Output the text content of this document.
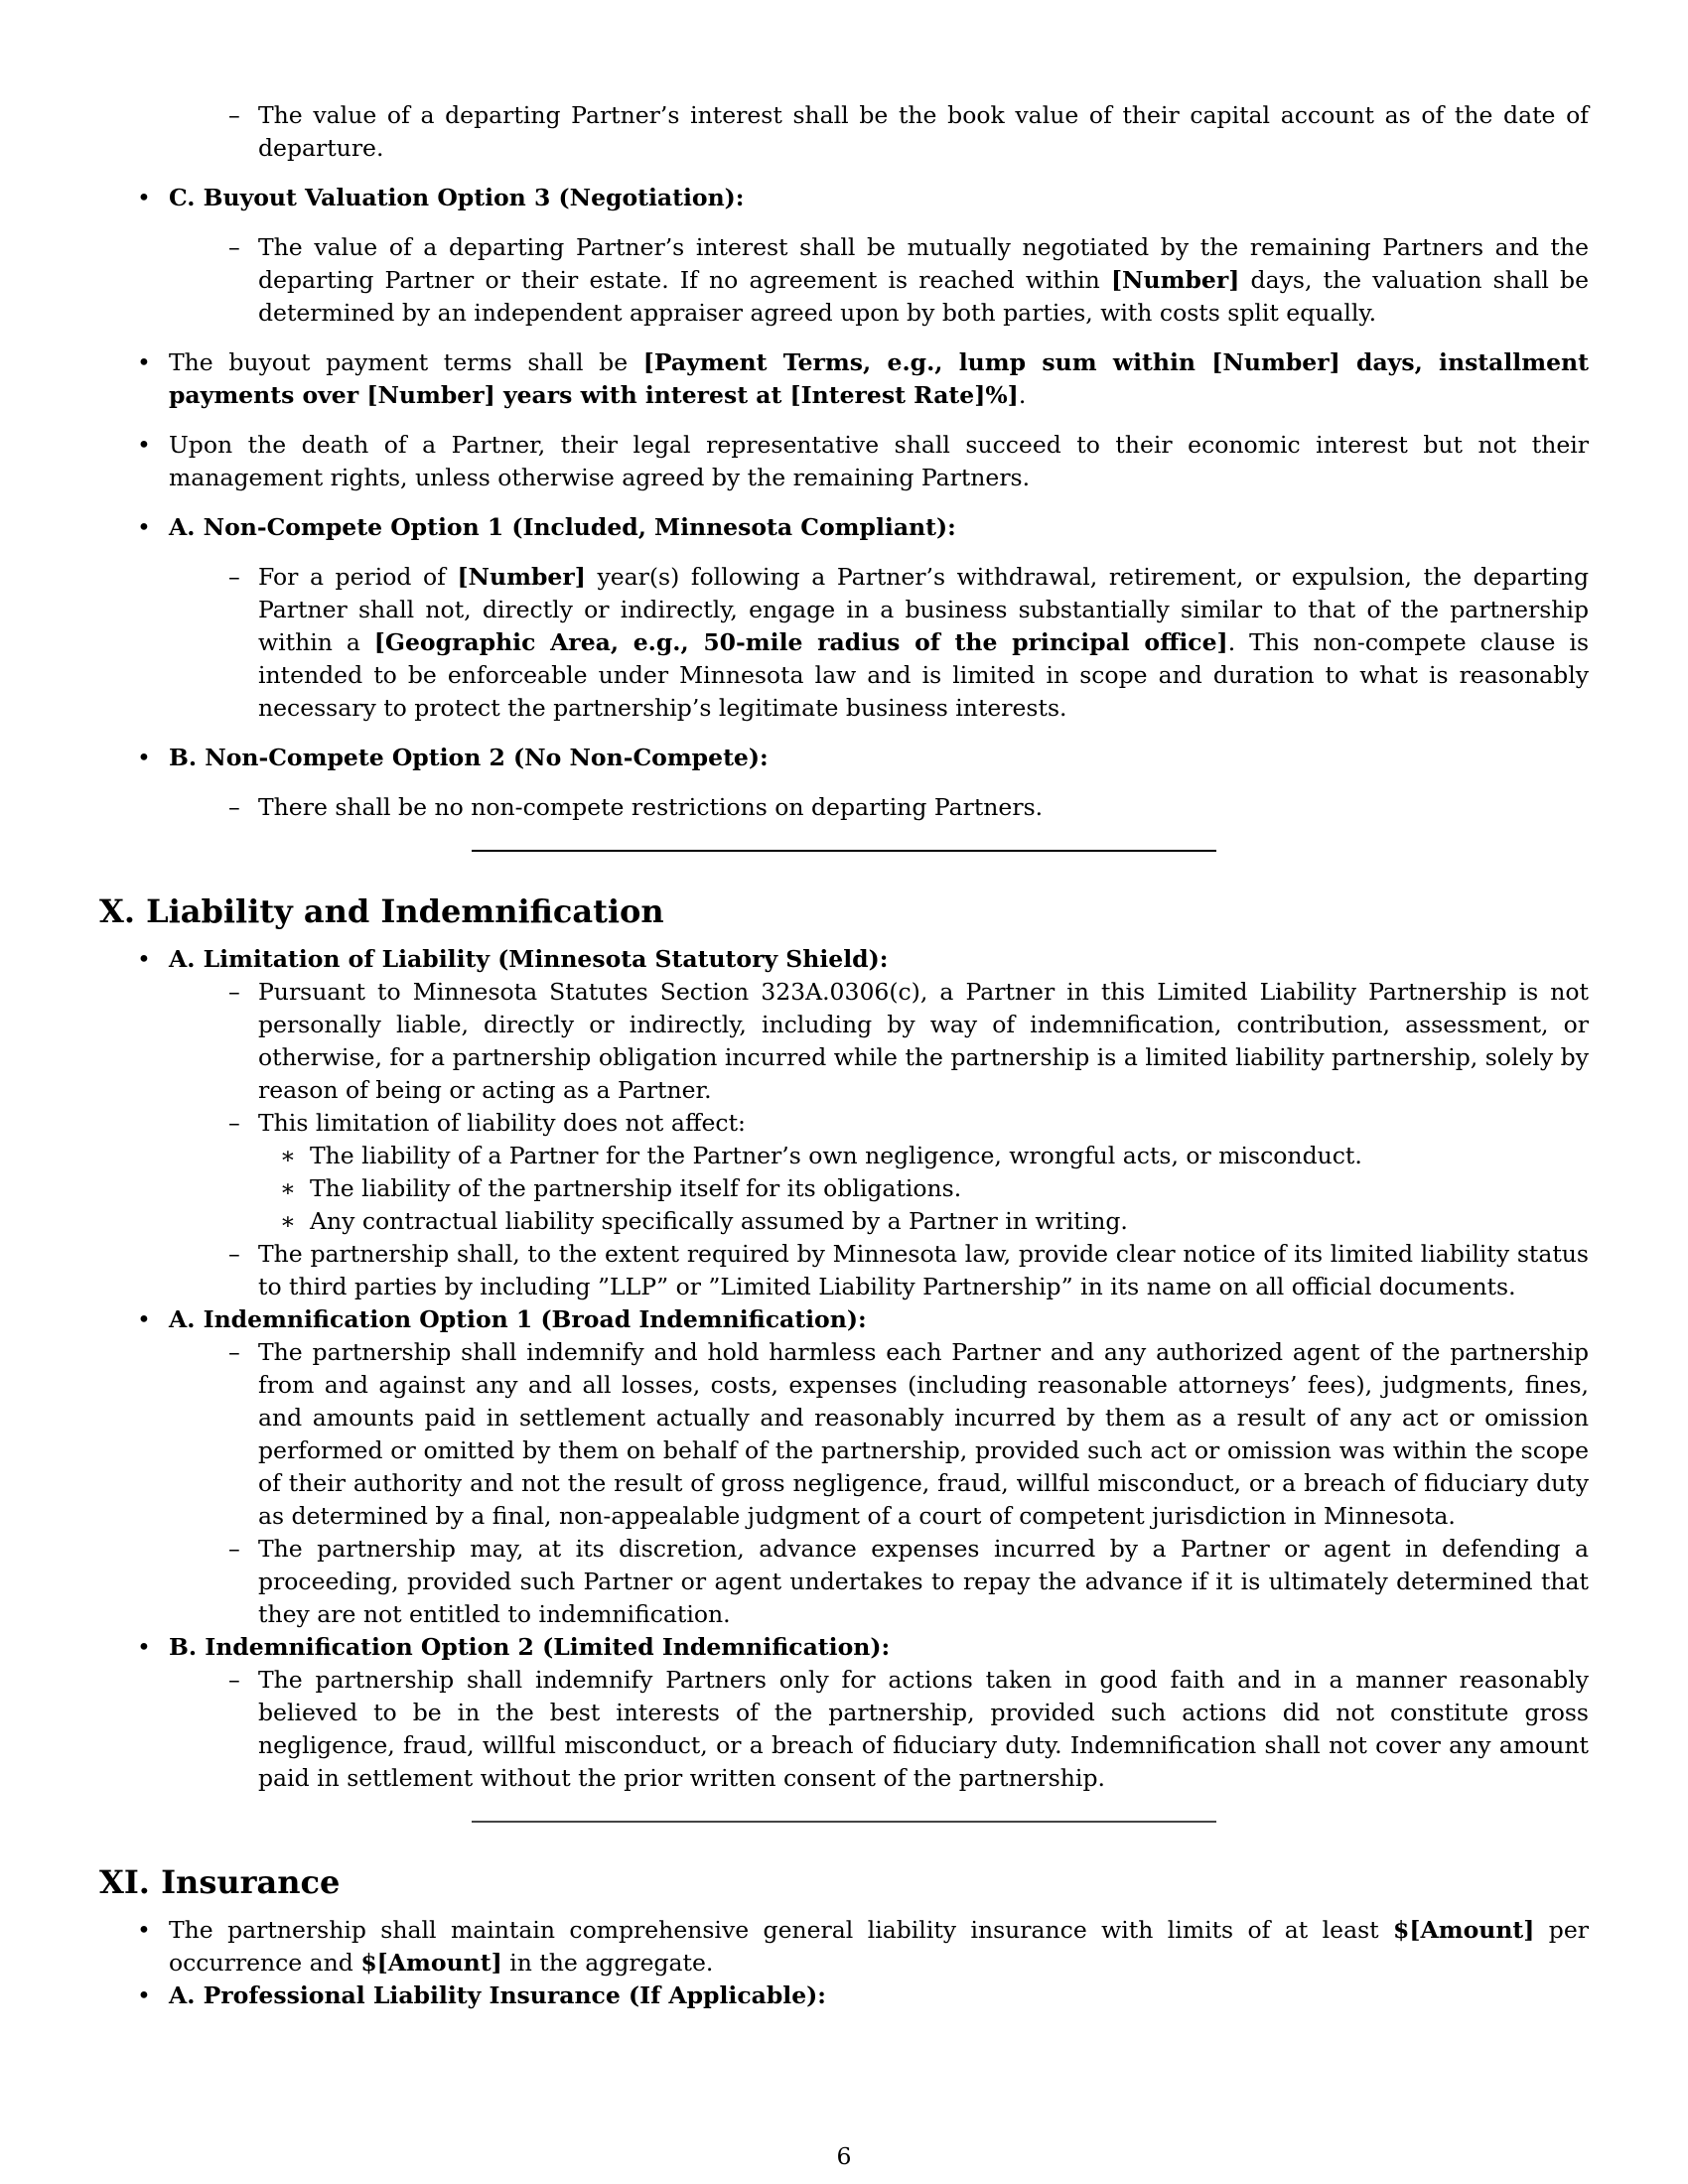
– The value of a departing Partner’s interest shall be the book value of their capital account as of the date of departure.
• C. Buyout Valuation Option 3 (Negotiation):
– The value of a departing Partner’s interest shall be mutually negotiated by the remaining Partners and the departing Partner or their estate. If no agreement is reached within [Number] days, the valuation shall be determined by an independent appraiser agreed upon by both parties, with costs split equally.
• The buyout payment terms shall be [Payment Terms, e.g., lump sum within [Number] days, installment payments over [Number] years with interest at [Interest Rate]%].
• Upon the death of a Partner, their legal representative shall succeed to their economic interest but not their management rights, unless otherwise agreed by the remaining Partners.
• A. Non-Compete Option 1 (Included, Minnesota Compliant):
– For a period of [Number] year(s) following a Partner’s withdrawal, retirement, or expulsion, the departing Partner shall not, directly or indirectly, engage in a business substantially similar to that of the partnership within a [Geographic Area, e.g., 50-mile radius of the principal office]. This non-compete clause is intended to be enforceable under Minnesota law and is limited in scope and duration to what is reasonably necessary to protect the partnership’s legitimate business interests.
• B. Non-Compete Option 2 (No Non-Compete):
– There shall be no non-compete restrictions on departing Partners.
X. Liability and Indemnification
• A. Limitation of Liability (Minnesota Statutory Shield):
– Pursuant to Minnesota Statutes Section 323A.0306(c), a Partner in this Limited Liability Partnership is not personally liable, directly or indirectly, including by way of indemnification, contribution, assessment, or otherwise, for a partnership obligation incurred while the partnership is a limited liability partnership, solely by reason of being or acting as a Partner.
– This limitation of liability does not affect:
∗ The liability of a Partner for the Partner’s own negligence, wrongful acts, or misconduct.
∗ The liability of the partnership itself for its obligations.
∗ Any contractual liability specifically assumed by a Partner in writing.
– The partnership shall, to the extent required by Minnesota law, provide clear notice of its limited liability status to third parties by including ”LLP” or ”Limited Liability Partnership” in its name on all official documents.
• A. Indemnification Option 1 (Broad Indemnification):
– The partnership shall indemnify and hold harmless each Partner and any authorized agent of the partnership from and against any and all losses, costs, expenses (including reasonable attorneys’ fees), judgments, fines, and amounts paid in settlement actually and reasonably incurred by them as a result of any act or omission performed or omitted by them on behalf of the partnership, provided such act or omission was within the scope of their authority and not the result of gross negligence, fraud, willful misconduct, or a breach of fiduciary duty as determined by a final, non-appealable judgment of a court of competent jurisdiction in Minnesota.
– The partnership may, at its discretion, advance expenses incurred by a Partner or agent in defending a proceeding, provided such Partner or agent undertakes to repay the advance if it is ultimately determined that they are not entitled to indemnification.
• B. Indemnification Option 2 (Limited Indemnification):
– The partnership shall indemnify Partners only for actions taken in good faith and in a manner reasonably believed to be in the best interests of the partnership, provided such actions did not constitute gross negligence, fraud, willful misconduct, or a breach of fiduciary duty. Indemnification shall not cover any amount paid in settlement without the prior written consent of the partnership.
XI. Insurance
• The partnership shall maintain comprehensive general liability insurance with limits of at least $[Amount] per occurrence and $[Amount] in the aggregate.
• A. Professional Liability Insurance (If Applicable):
6
